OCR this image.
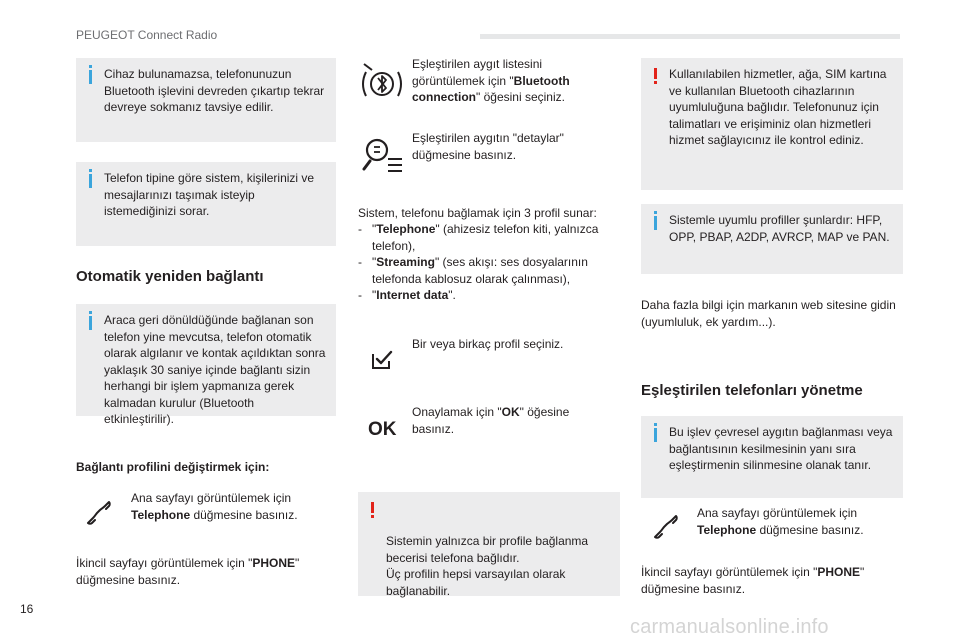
PEUGEOT Connect Radio
Cihaz bulunamazsa, telefonunuzun Bluetooth işlevini devreden çıkartıp tekrar devreye sokmanız tavsiye edilir.
Telefon tipine göre sistem, kişilerinizi ve mesajlarınızı taşımak isteyip istemediğinizi sorar.
Otomatik yeniden bağlantı
Araca geri dönüldüğünde bağlanan son telefon yine mevcutsa, telefon otomatik olarak algılanır ve kontak açıldıktan sonra yaklaşık 30 saniye içinde bağlantı sizin herhangi bir işlem yapmanıza gerek kalmadan kurulur (Bluetooth etkinleştirilir).
Bağlantı profilini değiştirmek için:
Ana sayfayı görüntülemek için
Telephone düğmesine basınız.
İkincil sayfayı görüntülemek için "PHONE" düğmesine basınız.
Eşleştirilen aygıt listesini görüntülemek için "Bluetooth connection" öğesini seçiniz.
Eşleştirilen aygıtın "detaylar" düğmesine basınız.
Sistem, telefonu bağlamak için 3 profil sunar:
- "Telephone" (ahizesiz telefon kiti, yalnızca telefon),
- "Streaming" (ses akışı: ses dosyalarının telefonda kablosuz olarak çalınması),
- "Internet data".
Bir veya birkaç profil seçiniz.
OK
Onaylamak için "OK" öğesine basınız.

Sistemin yalnızca bir profile bağlanma becerisi telefona bağlıdır.
Üç profilin hepsi varsayılan olarak bağlanabilir.

Kullanılabilen hizmetler, ağa, SIM kartına ve kullanılan Bluetooth cihazlarının uyumluluğuna bağlıdır. Telefonunuz için talimatları ve erişiminiz olan hizmetleri hizmet sağlayıcınız ile kontrol ediniz.
Sistemle uyumlu profiller şunlardır: HFP, OPP, PBAP, A2DP, AVRCP, MAP ve PAN.
Daha fazla bilgi için markanın web sitesine gidin (uyumluluk, ek yardım...).
Eşleştirilen telefonları yönetme
Bu işlev çevresel aygıtın bağlanması veya bağlantısının kesilmesinin yanı sıra eşleştirmenin silinmesine olanak tanır.
Ana sayfayı görüntülemek için
Telephone düğmesine basınız.
İkincil sayfayı görüntülemek için "PHONE" düğmesine basınız.
16
carmanualsonline.info
